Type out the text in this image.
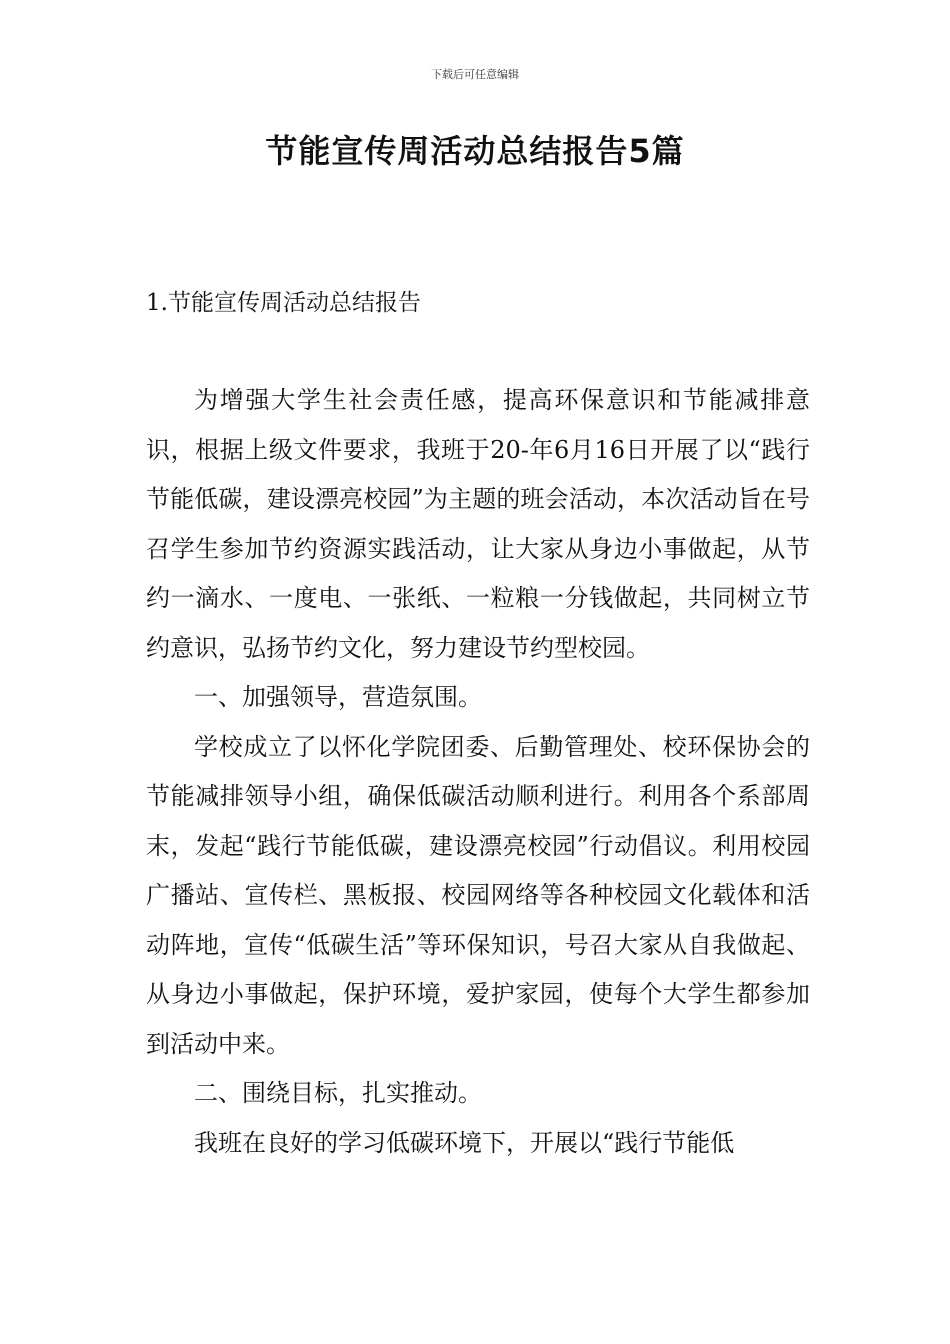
下载后可任意编辑
节能宣传周活动总结报告5篇
1.节能宣传周活动总结报告

为增强大学生社会责任感，提高环保意识和节能减排意识，根据上级文件要求，我班于20-年6月16日开展了以“践行节能低碳，建设漂亮校园”为主题的班会活动，本次活动旨在号召学生参加节约资源实践活动，让大家从身边小事做起，从节约一滴水、一度电、一张纸、一粒粮一分钱做起，共同树立节约意识，弘扬节约文化，努力建设节约型校园。

一、加强领导，营造氛围。

学校成立了以怀化学院团委、后勤管理处、校环保协会的节能减排领导小组，确保低碳活动顺利进行。利用各个系部周末，发起“践行节能低碳，建设漂亮校园”行动倡议。利用校园广播站、宣传栏、黑板报、校园网络等各种校园文化载体和活动阵地，宣传“低碳生活”等环保知识，号召大家从自我做起、从身边小事做起，保护环境，爱护家园，使每个大学生都参加到活动中来。

二、围绕目标，扎实推动。

我班在良好的学习低碳环境下，开展以“践行节能低
